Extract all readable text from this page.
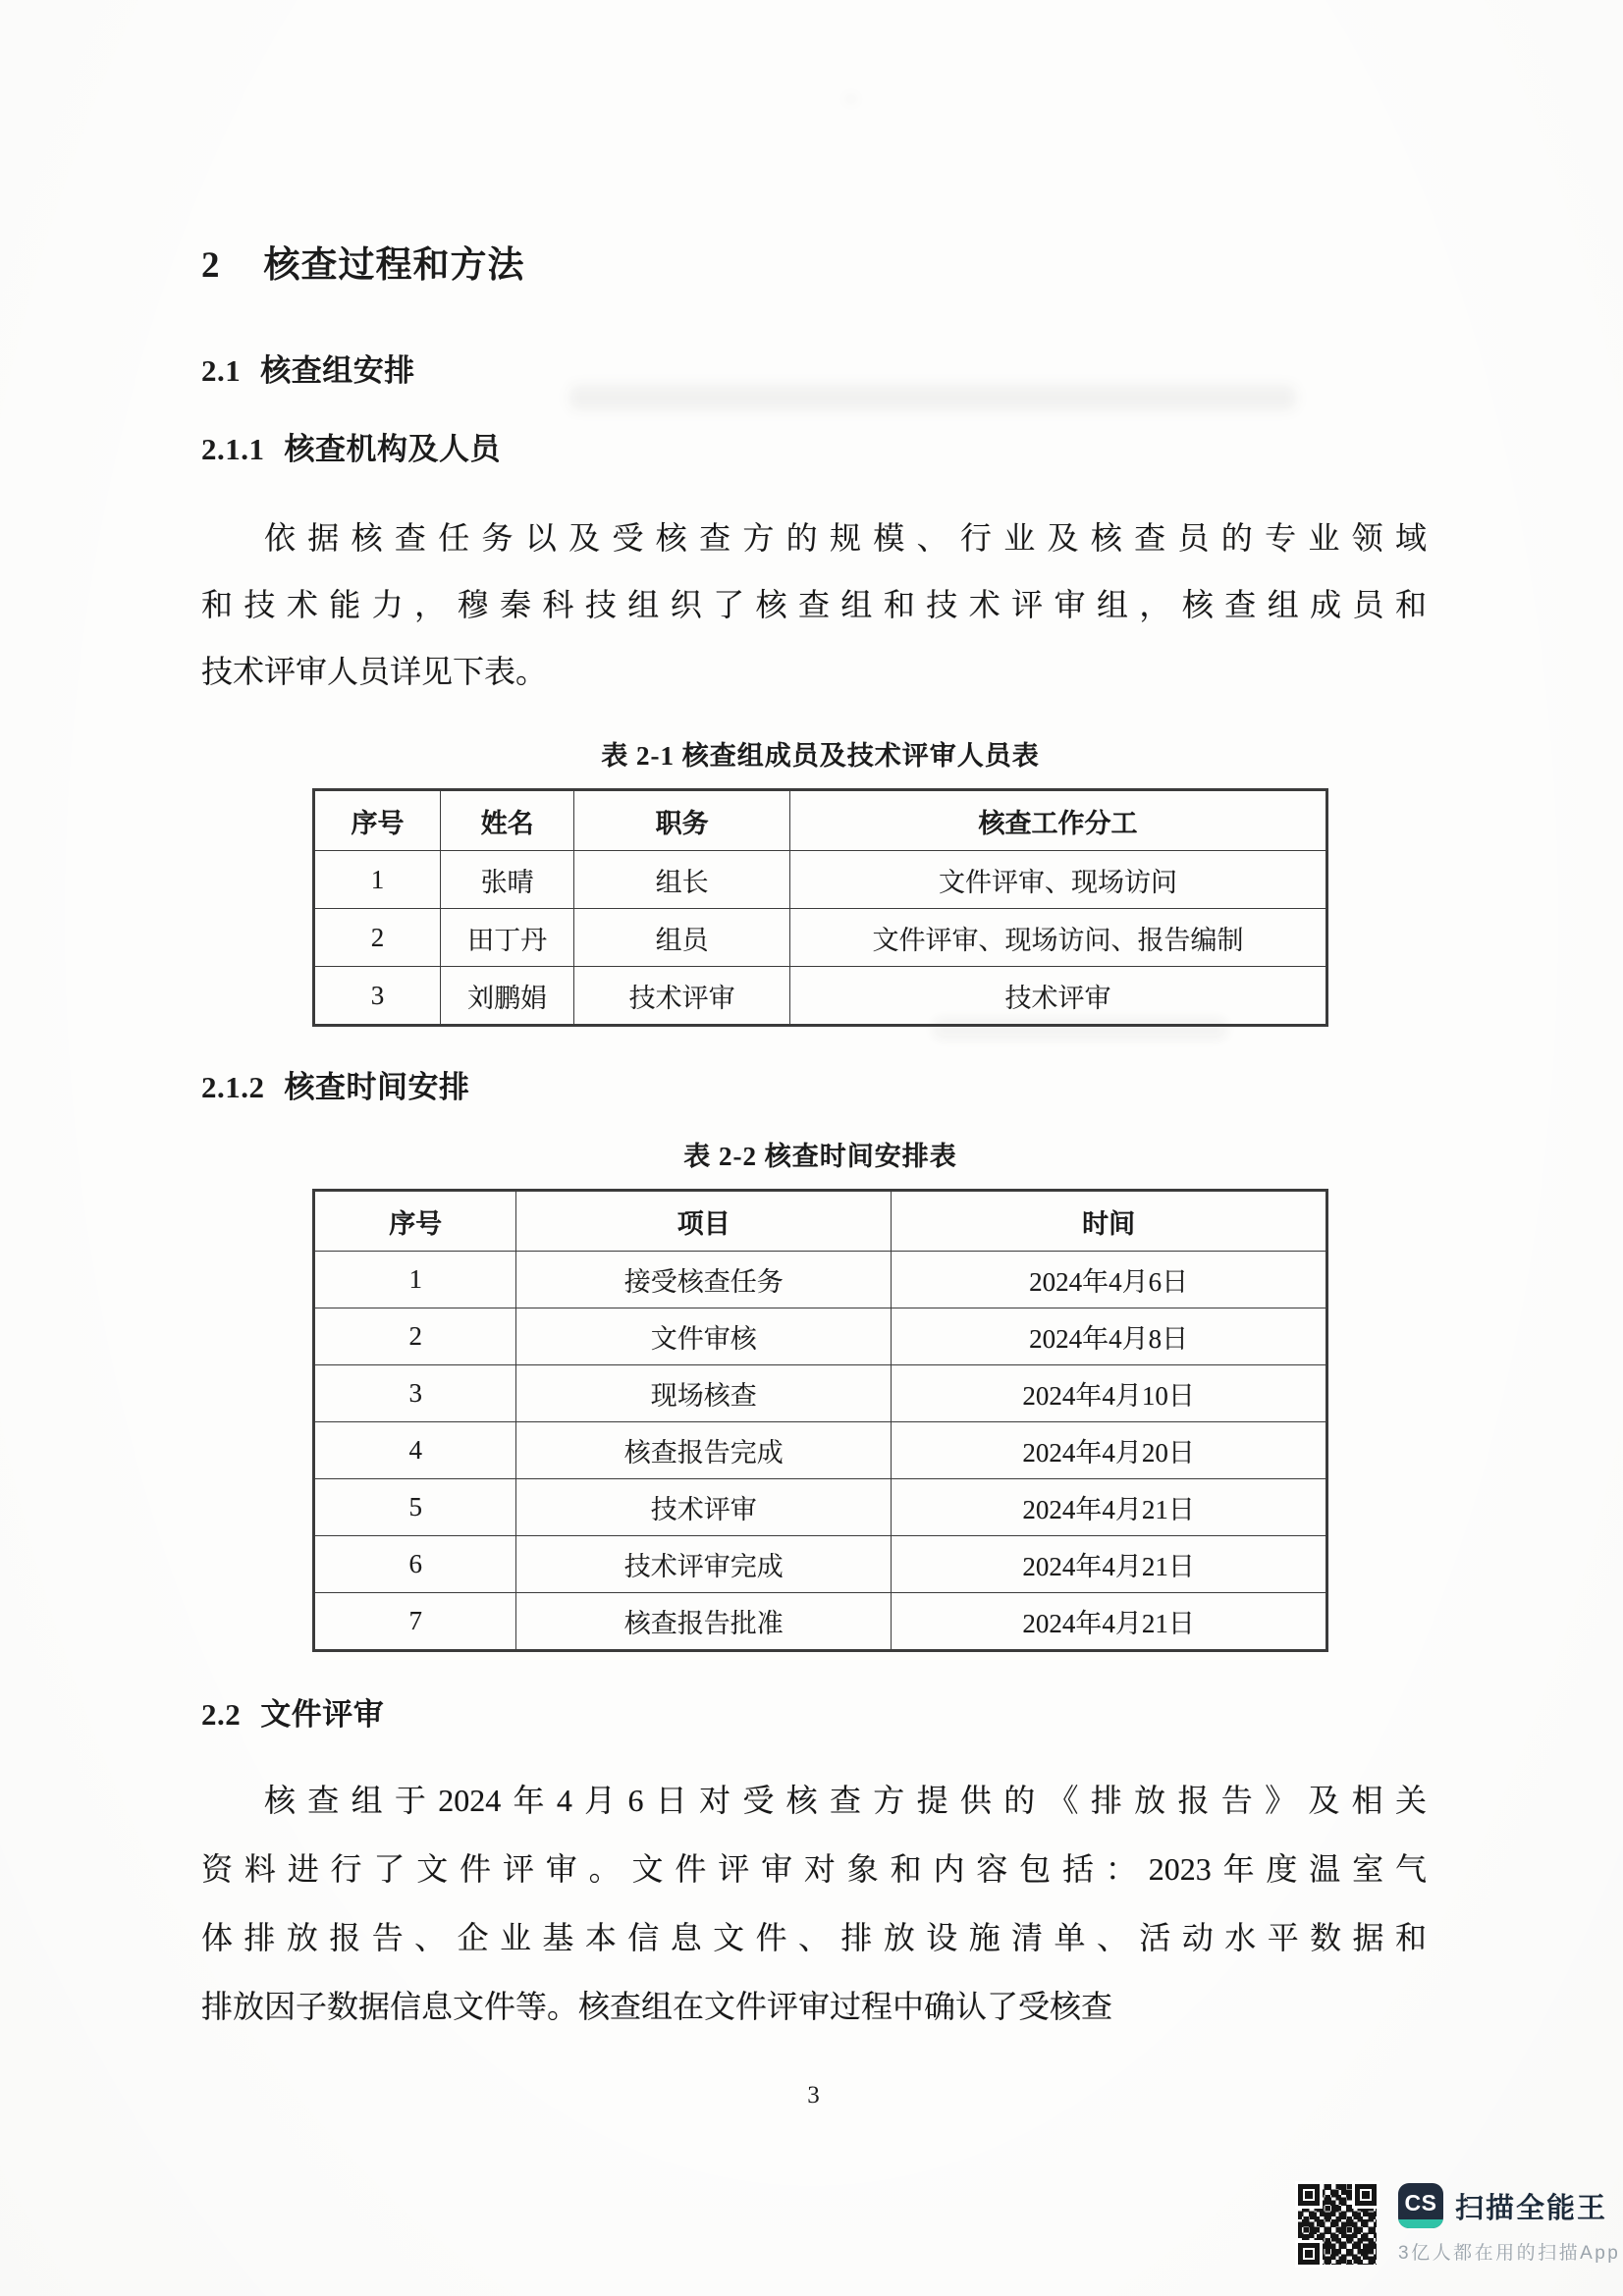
2 核查过程和方法
2.1 核查组安排
2.1.1 核查机构及人员
依据核查任务以及受核查方的规模、行业及核查员的专业领域
和技术能力，穆秦科技组织了核查组和技术评审组，核查组成员和
技术评审人员详见下表。
表 2-1 核查组成员及技术评审人员表
序号	姓名	职务	核查工作分工
1	张晴	组长	文件评审、现场访问
2	田丁丹	组员	文件评审、现场访问、报告编制
3	刘鹏娟	技术评审	技术评审
2.1.2 核查时间安排
表 2-2 核查时间安排表
序号	项目	时间
1	接受核查任务	2024年4月6日
2	文件审核	2024年4月8日
3	现场核查	2024年4月10日
4	核查报告完成	2024年4月20日
5	技术评审	2024年4月21日
6	技术评审完成	2024年4月21日
7	核查报告批准	2024年4月21日
2.2 文件评审
核查组于2024年4月6日对受核查方提供的《排放报告》及相关
资料进行了文件评审。文件评审对象和内容包括：2023年度温室气
体排放报告、企业基本信息文件、排放设施清单、活动水平数据和
排放因子数据信息文件等。核查组在文件评审过程中确认了受核查
3
CS 扫描全能王
3亿人都在用的扫描App
